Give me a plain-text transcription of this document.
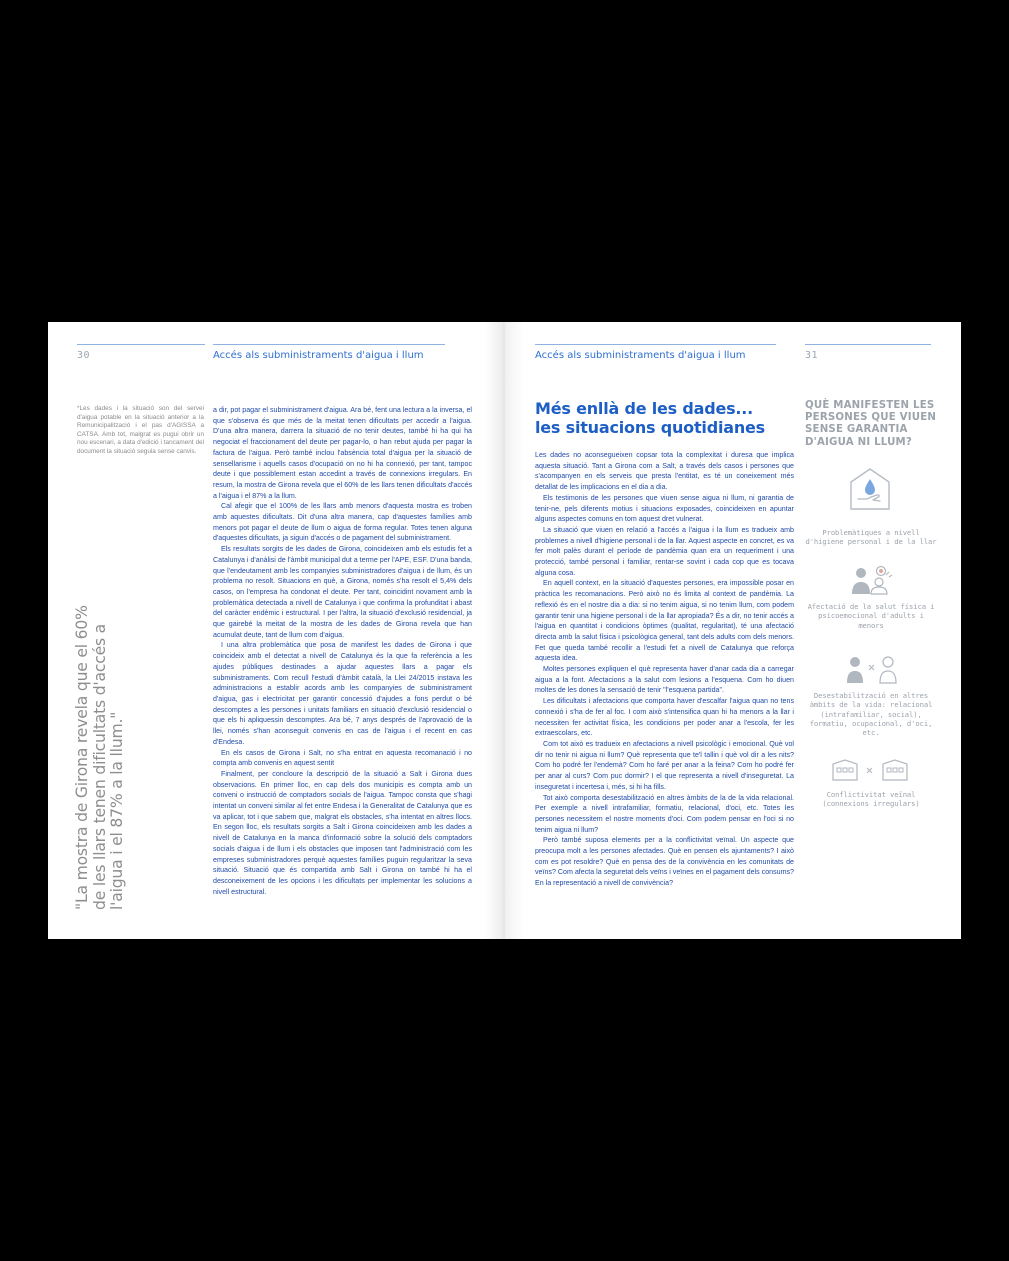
30	Accés als subministraments d'aigua i llum
*Les dades i la situació son del servei d'aigua potable en la situació anterior a la Remunicipalització i el pas d'AGISSA a CATSA. Amb tot, malgrat es pugui obrir un nou escenari, a data d'edició i tancament del document la situació seguia sense canvis.

"La mostra de Girona revela que el 60% de les llars tenen dificultats d'accés a l'aigua i el 87% a la llum."

a dir, pot pagar el subministrament d'aigua. Ara bé, fent una lectura a la inversa, el que s'observa és que més de la meitat tenen dificultats per accedir a l'aigua. D'una altra manera, darrera la situació de no tenir deutes, també hi ha qui ha negociat el fraccionament del deute per pagar-lo, o han rebut ajuda per pagar la factura de l'aigua. Però també inclou l'absència total d'aigua per la situació de sensellarisme i aquells casos d'ocupació on no hi ha connexió, per tant, tampoc deute i que possiblement estan accedint a través de connexions irregulars. En resum, la mostra de Girona revela que el 60% de les llars tenen dificultats d'accés a l'aigua i el 87% a la llum.

Cal afegir que el 100% de les llars amb menors d'aquesta mostra es troben amb aquestes dificultats. Dit d'una altra manera, cap d'aquestes famílies amb menors pot pagar el deute de llum o aigua de forma regular. Totes tenen alguna d'aquestes dificultats, ja siguin d'accés o de pagament del subministrament.

Els resultats sorgits de les dades de Girona, coincideixen amb els estudis fet a Catalunya i d'anàlisi de l'àmbit municipal dut a terme per l'APE, ESF. D'una banda, que l'endeutament amb les companyies subministradores d'aigua i de llum, és un problema no resolt. Situacions en què, a Girona, només s'ha resolt el 5,4% dels casos, on l'empresa ha condonat el deute. Per tant, coincidint novament amb la problemàtica detectada a nivell de Catalunya i que confirma la profunditat i abast del caràcter endèmic i estructural. I per l'altra, la situació d'exclusió residencial, ja que gairebé la meitat de la mostra de les dades de Girona revela que han acumulat deute, tant de llum com d'aigua.

I una altra problemàtica que posa de manifest les dades de Girona i que coincideix amb el detectat a nivell de Catalunya és la que fa referència a les ajudes públiques destinades a ajudar aquestes llars a pagar els subministraments. Com recull l'estudi d'àmbit català, la Llei 24/2015 instava les administracions a establir acords amb les companyies de subministrament d'aigua, gas i electricitat per garantir concessió d'ajudes a fons perdut o bé descomptes a les persones i unitats familiars en situació d'exclusió residencial o que els hi apliquessin descomptes. Ara bé, 7 anys després de l'aprovació de la llei, només s'han aconseguit convenis en cas de l'aigua i el recent en cas d'Endesa.

En els casos de Girona i Salt, no s'ha entrat en aquesta recomanació i no compta amb convenis en aquest sentit

Finalment, per concloure la descripció de la situació a Salt i Girona dues observacions. En primer lloc, en cap dels dos municipis es compta amb un conveni o instrucció de comptadors socials de l'aigua. Tampoc consta que s'hagi intentat un conveni similar al fet entre Endesa i la Generalitat de Catalunya que es va aplicar, tot i que sabem que, malgrat els obstacles, s'ha intentat en altres llocs. En segon lloc, els resultats sorgits a Salt i Girona coincideixen amb les dades a nivell de Catalunya en la manca d'informació sobre la solució dels comptadors socials d'aigua i de llum i els obstacles que imposen tant l'administració com les empreses subministradores perquè aquestes famílies puguin regularitzar la seva situació. Situació que és compartida amb Salt i Girona on també hi ha el desconeixement de les opcions i les dificultats per implementar les solucions a nivell estructural.

Accés als subministraments d'aigua i llum	31
Més enllà de les dades...
les situacions quotidianes

Les dades no aconsegueixen copsar tota la complexitat i duresa que implica aquesta situació. Tant a Girona com a Salt, a través dels casos i persones que s'acompanyen en els serveis que presta l'entitat, es té un coneixement més detallat de les implicacions en el dia a dia.

Els testimonis de les persones que viuen sense aigua ni llum, ni garantia de tenir-ne, pels diferents motius i situacions exposades, coincideixen en apuntar alguns aspectes comuns en tom aquest dret vulnerat.

La situació que viuen en relació a l'accés a l'aigua i la llum es tradueix amb problemes a nivell d'higiene personal i de la llar. Aquest aspecte en concret, es va fer molt palès durant el període de pandèmia quan era un requeriment i una protecció, també personal i familiar, rentar-se sovint i cada cop que es tocava alguna cosa.

En aquell context, en la situació d'aquestes persones, era impossible posar en pràctica les recomanacions. Però això no és limita al context de pandèmia. La reflexió és en el nostre dia a dia: si no tenim aigua, si no tenim llum, com podem garantir tenir una higiene personal i de la llar apropiada? És a dir, no tenir accés a l'aigua en quantitat i condicions òptimes (qualitat, regularitat), té una afectació directa amb la salut física i psicològica general, tant dels adults com dels menors. Fet que queda també recollir a l'estudi fet a nivell de Catalunya que reforça aquesta idea.

Moltes persones expliquen el què representa haver d'anar cada dia a carregar aigua a la font. Afectacions a la salut com lesions a l'esquena. Com ho diuen moltes de les dones la sensació de tenir "l'esquena partida".

Les dificultats i afectacions que comporta haver d'escalfar l'aigua quan no tens connexió i s'ha de fer al foc. I com això s'intensifica quan hi ha menors a la llar i necessiten fer activitat física, les condicions per poder anar a l'escola, fer les extraescolars, etc.

Com tot això es tradueix en afectacions a nivell psicològic i emocional. Què vol dir no tenir ni aigua ni llum? Què representa que te'l tallin i què vol dir a les nits? Com ho podré fer l'endemà? Com ho faré per anar a la feina? Com ho podré fer per anar al curs? Com puc dormir? I el que representa a nivell d'inseguretat. La inseguretat i incertesa i, més, si hi ha fills.

Tot això comporta desestabilització en altres àmbits de la de la vida relacional. Per exemple a nivell intrafamiliar, formatiu, relacional, d'oci, etc. Totes les persones necessitem el nostre moments d'oci. Com podem pensar en l'oci si no tenim aigua ni llum?

Però també suposa elements per a la conflictivitat veïnal. Un aspecte que preocupa molt a les persones afectades. Què en pensen els ajuntaments? I això com es pot resoldre? Què en pensa des de la convivència en les comunitats de veïns? Com afecta la seguretat dels veïns i veïnes en el pagament dels consums? En la representació a nivell de convivència?

QUÈ MANIFESTEN LES PERSONES QUE VIUEN SENSE GARANTIA D'AIGUA NI LLUM?
Problemàtiques a nivell d'higiene personal i de la llar
Afectació de la salut física i psicoemocional d'adults i menors
Desestabilització en altres àmbits de la vida: relacional (intrafamiliar, social), formatiu, ocupacional, d'oci, etc.
Conflictivitat veïnal (connexions irregulars)
